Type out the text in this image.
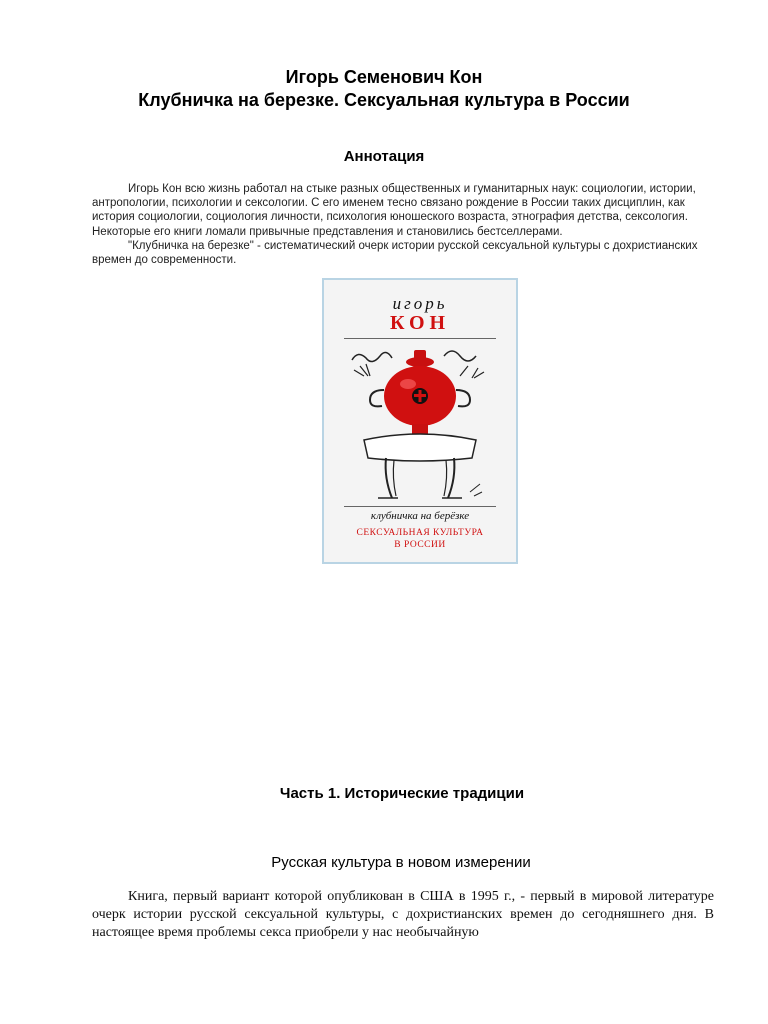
Игорь Семенович Кон
Клубничка на березке. Сексуальная культура в России
Аннотация

Игорь Кон всю жизнь работал на стыке разных общественных и гуманитарных наук: социологии, истории, антропологии, психологии и сексологии. С его именем тесно связано рождение в России таких дисциплин, как история социологии, социология личности, психология юношеского возраста, этнография детства, сексология. Некоторые его книги ломали привычные представления и становились бестселлерами.

"Клубничка на березке" - систематический очерк истории русской сексуальной культуры с дохристианских времен до современности.

игорь
КОН
клубничка на берёзке
СЕКСУАЛЬНАЯ КУЛЬТУРА
В РОССИИ
Часть 1. Исторические традиции
Русская культура в новом измерении

Книга, первый вариант которой опубликован в США в 1995 г., - первый в мировой литературе очерк истории русской сексуальной культуры, с дохристианских времен до сегодняшнего дня. В настоящее время проблемы секса приобрели у нас необычайную
